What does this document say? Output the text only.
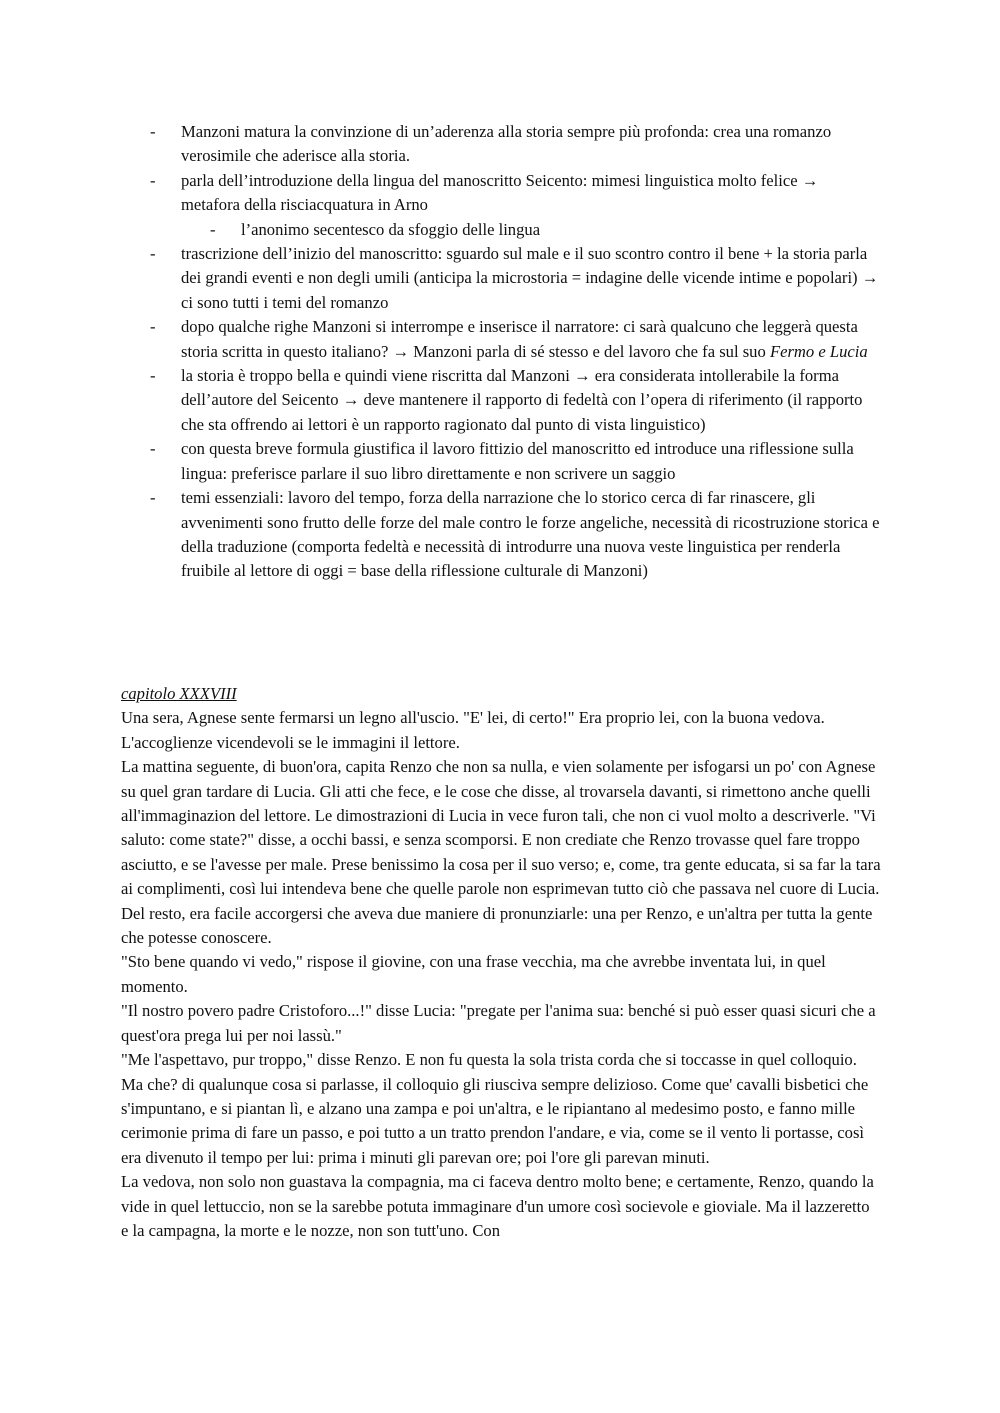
- Manzoni matura la convinzione di un’aderenza alla storia sempre più profonda: crea una romanzo verosimile che aderisce alla storia.
- parla dell’introduzione della lingua del manoscritto Seicento: mimesi linguistica molto felice → metafora della risciacquatura in Arno
- l’anonimo secentesco da sfoggio delle lingua
- trascrizione dell’inizio del manoscritto: sguardo sul male e il suo scontro contro il bene + la storia parla dei grandi eventi e non degli umili (anticipa la microstoria = indagine delle vicende intime e popolari) → ci sono tutti i temi del romanzo
- dopo qualche righe Manzoni si interrompe e inserisce il narratore: ci sarà qualcuno che leggerà questa storia scritta in questo italiano? → Manzoni parla di sé stesso e del lavoro che fa sul suo Fermo e Lucia
- la storia è troppo bella e quindi viene riscritta dal Manzoni → era considerata intollerabile la forma dell’autore del Seicento → deve mantenere il rapporto di fedeltà con l’opera di riferimento (il rapporto che sta offrendo ai lettori è un rapporto ragionato dal punto di vista linguistico)
- con questa breve formula giustifica il lavoro fittizio del manoscritto ed introduce una riflessione sulla lingua: preferisce parlare il suo libro direttamente e non scrivere un saggio
- temi essenziali: lavoro del tempo, forza della narrazione che lo storico cerca di far rinascere, gli avvenimenti sono frutto delle forze del male contro le forze angeliche, necessità di ricostruzione storica e della traduzione (comporta fedeltà e necessità di introdurre una nuova veste linguistica per renderla fruibile al lettore di oggi = base della riflessione culturale di Manzoni)

capitolo XXXVIII

Una sera, Agnese sente fermarsi un legno all'uscio. "E' lei, di certo!" Era proprio lei, con la buona vedova. L'accoglienze vicendevoli se le immagini il lettore.

La mattina seguente, di buon'ora, capita Renzo che non sa nulla, e vien solamente per isfogarsi un po' con Agnese su quel gran tardare di Lucia. Gli atti che fece, e le cose che disse, al trovarsela davanti, si rimettono anche quelli all'immaginazion del lettore. Le dimostrazioni di Lucia in vece furon tali, che non ci vuol molto a descriverle. "Vi saluto: come state?" disse, a occhi bassi, e senza scomporsi. E non crediate che Renzo trovasse quel fare troppo asciutto, e se l'avesse per male. Prese benissimo la cosa per il suo verso; e, come, tra gente educata, si sa far la tara ai complimenti, così lui intendeva bene che quelle parole non esprimevan tutto ciò che passava nel cuore di Lucia. Del resto, era facile accorgersi che aveva due maniere di pronunziarle: una per Renzo, e un'altra per tutta la gente che potesse conoscere.

"Sto bene quando vi vedo," rispose il giovine, con una frase vecchia, ma che avrebbe inventata lui, in quel momento.

"Il nostro povero padre Cristoforo...!" disse Lucia: "pregate per l'anima sua: benché si può esser quasi sicuri che a quest'ora prega lui per noi lassù."

"Me l'aspettavo, pur troppo," disse Renzo. E non fu questa la sola trista corda che si toccasse in quel colloquio. Ma che? di qualunque cosa si parlasse, il colloquio gli riusciva sempre delizioso. Come que' cavalli bisbetici che s'impuntano, e si piantan lì, e alzano una zampa e poi un'altra, e le ripiantano al medesimo posto, e fanno mille cerimonie prima di fare un passo, e poi tutto a un tratto prendon l'andare, e via, come se il vento li portasse, così era divenuto il tempo per lui: prima i minuti gli parevan ore; poi l'ore gli parevan minuti.

La vedova, non solo non guastava la compagnia, ma ci faceva dentro molto bene; e certamente, Renzo, quando la vide in quel lettuccio, non se la sarebbe potuta immaginare d'un umore così socievole e gioviale. Ma il lazzeretto e la campagna, la morte e le nozze, non son tutt'uno. Con
